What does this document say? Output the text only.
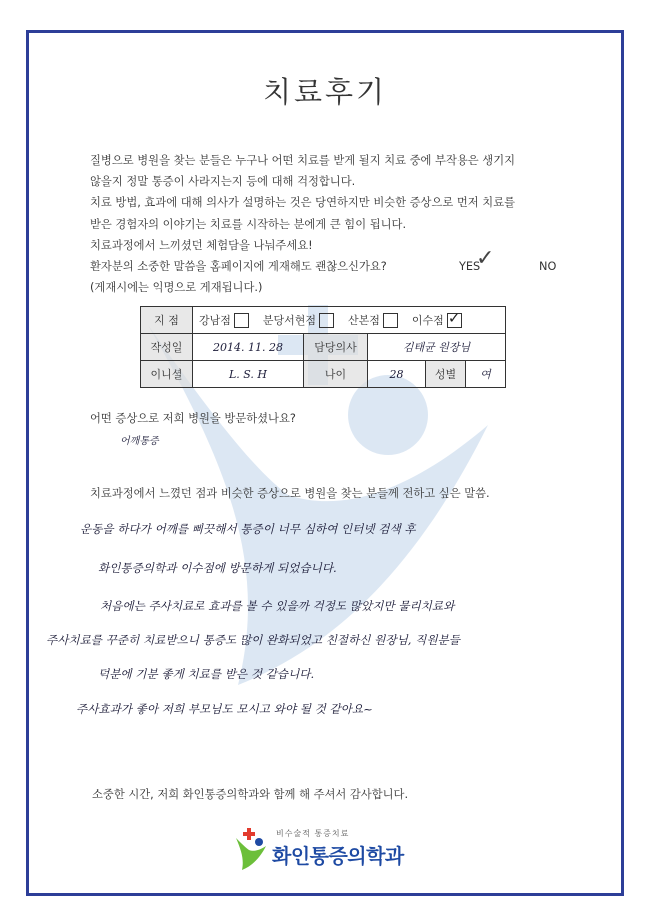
치료후기
질병으로 병원을 찾는 분들은 누구나 어떤 치료를 받게 될지 치료 중에 부작용은 생기지
않을지 정말 통증이 사라지는지 등에 대해 걱정합니다.
치료 방법, 효과에 대해 의사가 설명하는 것은 당연하지만 비슷한 증상으로 먼저 치료를
받은 경험자의 이야기는 치료를 시작하는 분에게 큰 힘이 됩니다.
치료과정에서 느끼셨던 체험담을 나눠주세요!
환자분의 소중한 말씀을 홈페이지에 게재해도 괜찮으신가요?
(게재시에는 익명으로 게재됩니다.)
YES
✓	NO
지 점	강남점 분당서현점 산본점 이수점✓
작성일	2014. 11. 28	담당의사	김태균 원장님		
이니셜	L. S. H	나이	28	성별	여
어떤 증상으로 저희 병원을 방문하셨나요?
어깨통증
치료과정에서 느꼈던 점과 비슷한 증상으로 병원을 찾는 분들께 전하고 싶은 말씀.
운동을 하다가 어깨를 삐끗해서 통증이 너무 심하여 인터넷 검색 후
화인통증의학과 이수점에 방문하게 되었습니다.
처음에는 주사치료로 효과를 볼 수 있을까 걱정도 많았지만 물리치료와
주사치료를 꾸준히 치료받으니 통증도 많이 완화되었고 친절하신 원장님, 직원분들
덕분에 기분 좋게 치료를 받은 것 같습니다.
주사효과가 좋아 저희 부모님도 모시고 와야 될 것 같아요~
소중한 시간, 저희 화인통증의학과와 함께 해 주셔서 감사합니다.
비수술적 통증치료
화인통증의학과
